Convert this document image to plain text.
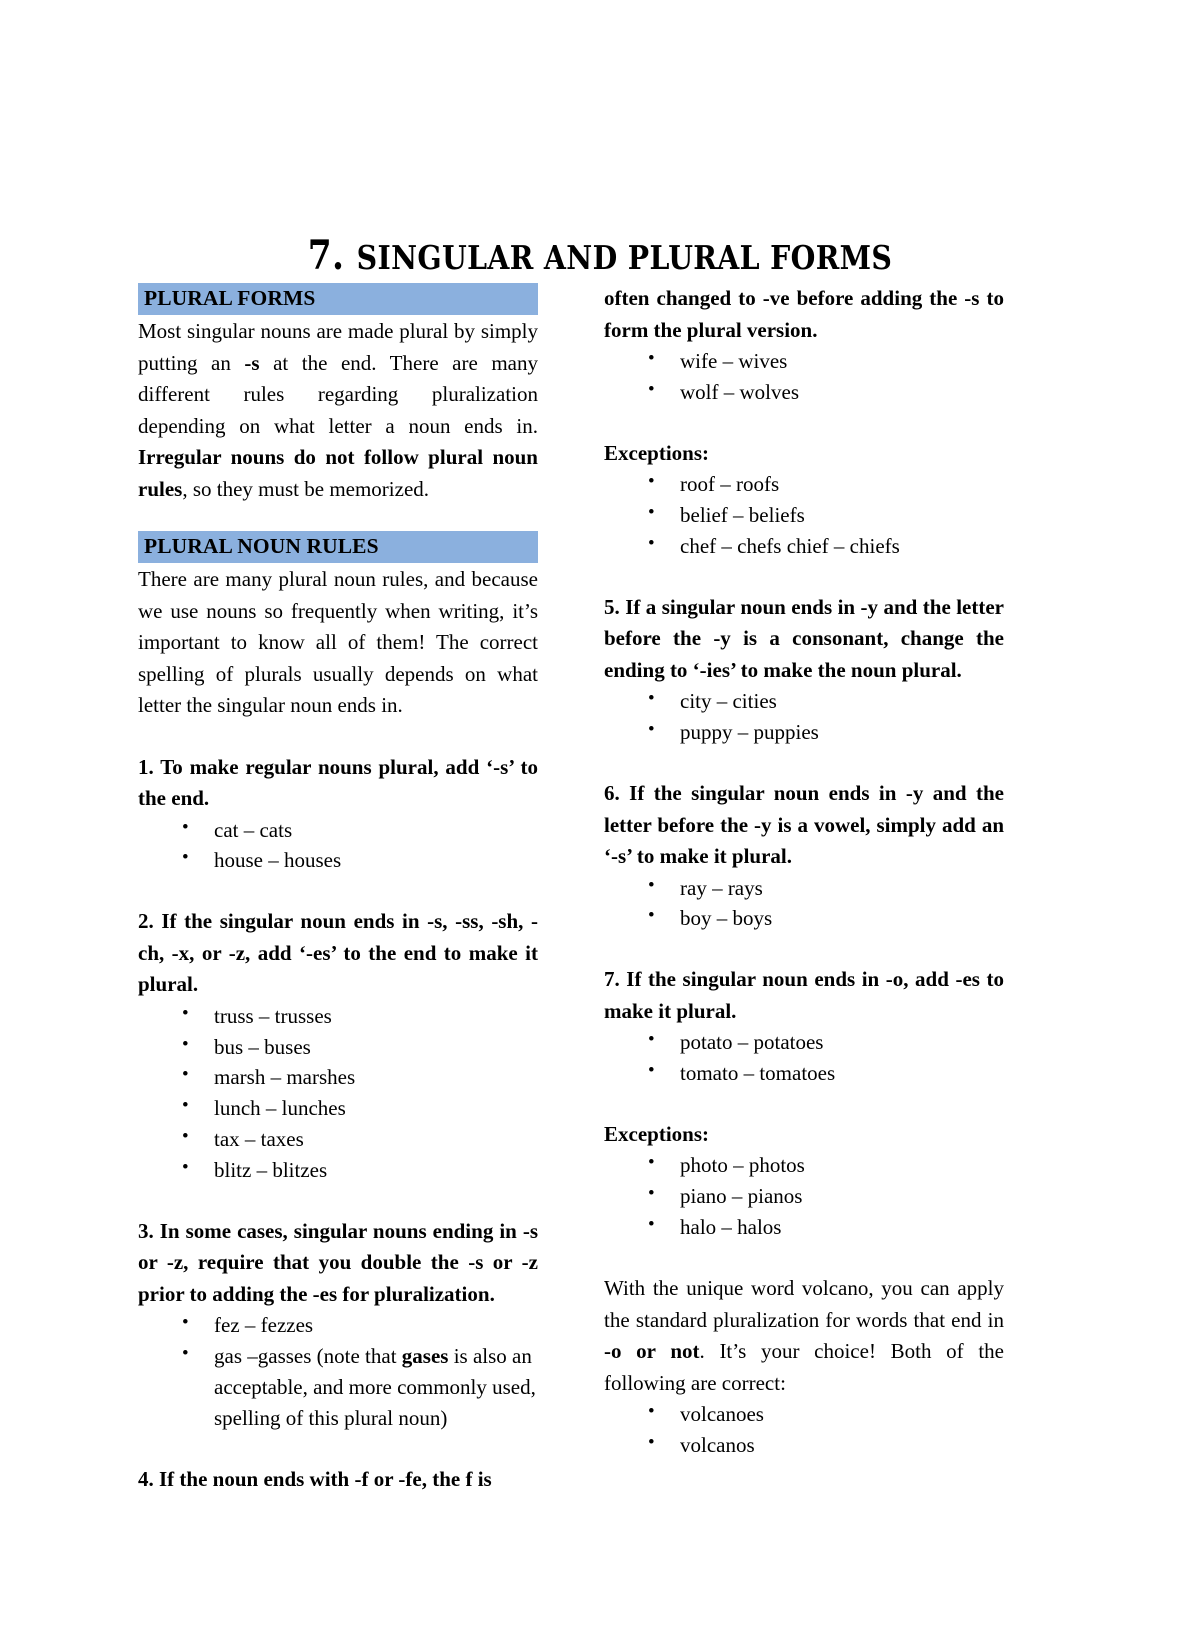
7. SINGULAR AND PLURAL FORMS
PLURAL FORMS

Most singular nouns are made plural by simply putting an -s at the end. There are many different rules regarding pluralization depending on what letter a noun ends in. Irregular nouns do not follow plural noun rules, so they must be memorized.

PLURAL NOUN RULES

There are many plural noun rules, and because we use nouns so frequently when writing, it’s important to know all of them! The correct spelling of plurals usually depends on what letter the singular noun ends in.

1. To make regular nouns plural, add ‘-s’ to the end.

• cat – cats
• house – houses

2. If the singular noun ends in -s, -ss, -sh, -ch, -x, or -z, add ‘-es’ to the end to make it plural.

• truss – trusses
• bus – buses
• marsh – marshes
• lunch – lunches
• tax – taxes
• blitz – blitzes

3. In some cases, singular nouns ending in -s or -z, require that you double the -s or -z prior to adding the -es for pluralization.

• fez – fezzes
• gas –gasses (note that gases is also an acceptable, and more commonly used, spelling of this plural noun)

4. If the noun ends with -f or -fe, the f is

often changed to -ve before adding the -s to form the plural version.

• wife – wives
• wolf – wolves

Exceptions:

• roof – roofs
• belief – beliefs
• chef – chefs chief – chiefs

5. If a singular noun ends in -y and the letter before the -y is a consonant, change the ending to ‘-ies’ to make the noun plural.

• city – cities
• puppy – puppies

6. If the singular noun ends in -y and the letter before the -y is a vowel, simply add an ‘-s’ to make it plural.

• ray – rays
• boy – boys

7. If the singular noun ends in -o, add -es to make it plural.

• potato – potatoes
• tomato – tomatoes

Exceptions:

• photo – photos
• piano – pianos
• halo – halos

With the unique word volcano, you can apply the standard pluralization for words that end in -o or not. It’s your choice! Both of the following are correct:

• volcanoes
• volcanos
